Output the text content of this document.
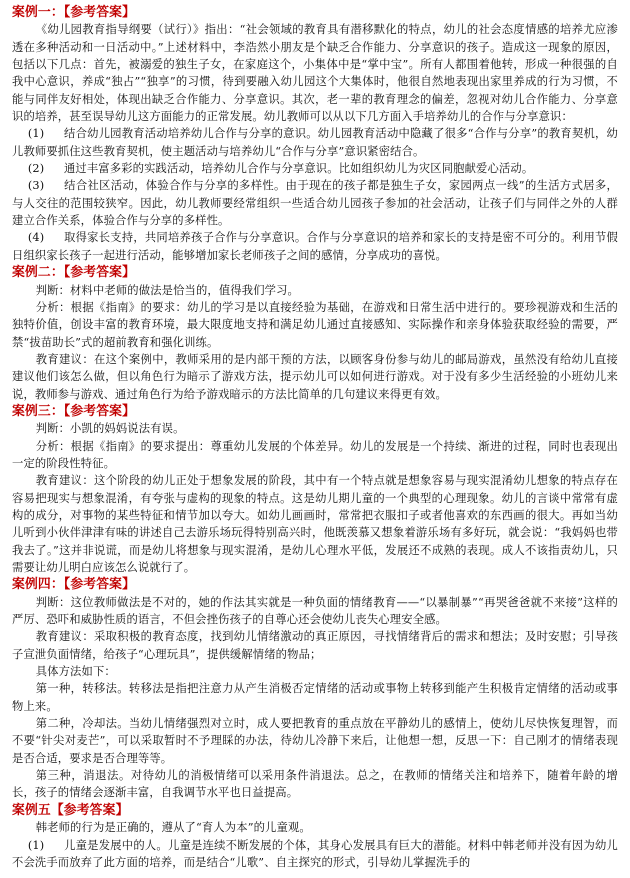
案例一：【参考答案】

《幼儿园教育指导纲要（试行）》指出：“社会领域的教育具有潜移默化的特点，幼儿的社会态度情感的培养尤应渗透在多种活动和一日活动中。”上述材料中，李浩然小朋友是个缺乏合作能力、分享意识的孩子。造成这一现象的原因，包括以下几点：首先，被溺爱的独生子女，在家庭这个，小集体中是“掌中宝”。所有人都围着他转，形成一种很强的自我中心意识，养成“独占”“独享”的习惯，待到要融入幼儿园这个大集体时，他很自然地表现出家里养成的行为习惯，不能与同伴友好相处，体现出缺乏合作能力、分享意识。其次，老一辈的教育理念的偏差，忽视对幼儿合作能力、分享意识的培养，甚至误导幼儿这方面能力的正常发展。幼儿教师可以从以下几方面入手培养幼儿的合作与分享意识：

(1) 结合幼儿园教育活动培养幼儿合作与分享的意识。幼儿园教育活动中隐藏了很多“合作与分享”的教育契机，幼儿教师要抓住这些教育契机，使主题活动与培养幼儿“合作与分享”意识紧密结合。

(2) 通过丰富多彩的实践活动，培养幼儿合作与分享意识。比如组织幼儿为灾区同胞献爱心活动。

(3) 结合社区活动，体验合作与分享的多样性。由于现在的孩子都是独生子女，家园两点一线”的生活方式居多，与人交往的范围较狭窄。因此，幼儿教师要经常组织一些适合幼儿园孩子参加的社会活动，让孩子们与同伴之外的人群建立合作关系，体验合作与分享的多样性。

(4) 取得家长支持，共同培养孩子合作与分享意识。合作与分享意识的培养和家长的支持是密不可分的。利用节假日组织家长孩子一起进行活动，能够增加家长老师孩子之间的感情，分享成功的喜悦。

案例二：【参考答案】

判断：材料中老师的做法是恰当的，值得我们学习。

分析：根据《指南》的要求：幼儿的学习是以直接经验为基础，在游戏和日常生活中进行的。要珍视游戏和生活的独特价值，创设丰富的教育环境，最大限度地支持和满足幼儿通过直接感知、实际操作和亲身体验获取经验的需要，严禁“拔苗助长”式的超前教育和强化训练。

教育建议：在这个案例中，教师采用的是内部干预的方法，以顾客身份参与幼儿的邮局游戏，虽然没有给幼儿直接建议他们该怎么做，但以角色行为暗示了游戏方法，提示幼儿可以如何进行游戏。对于没有多少生活经验的小班幼儿来说，教师参与游戏、通过角色行为给予游戏暗示的方法比简单的几句建议来得更有效。

案例三：【参考答案】

判断：小凯的妈妈说法有误。

分析：根据《指南》的要求提出：尊重幼儿发展的个体差异。幼儿的发展是一个持续、渐进的过程，同时也表现出一定的阶段性特征。

教育建议：这个阶段的幼儿正处于想象发展的阶段，其中有一个特点就是想象容易与现实混淆幼儿想象的特点存在容易把现实与想象混淆，有夸张与虚构的现象的特点。这是幼儿期儿童的一个典型的心理现象。幼儿的言谈中常常有虚构的成分，对事物的某些特征和情节加以夸大。如幼儿画画时，常常把衣服扣子或者他喜欢的东西画的很大。再如当幼儿听到小伙伴津津有味的讲述自己去游乐场玩得特别高兴时，他既羡慕又想象着游乐场有多好玩，就会说：“我妈妈也带我去了。”这并非说谎，而是幼儿将想象与现实混淆，是幼儿心理水平低，发展还不成熟的表现。成人不该指责幼儿，只需要让幼儿明白应该怎么说就行了。

案例四：【参考答案】

判断：这位教师做法是不对的，她的作法其实就是一种负面的情绪教育——“以暴制暴”“再哭爸爸就不来接”这样的严厉、恐吓和威胁性质的语言，不但会挫伤孩子的自尊心还会使幼儿丧失心理安全感。

教育建议：采取积极的教育态度，找到幼儿情绪激动的真正原因，寻找情绪背后的需求和想法；及时安慰；引导孩子宣泄负面情绪，给孩子“心理玩具”，提供缓解情绪的物品；

具体方法如下：

第一种，转移法。转移法是指把注意力从产生消极否定情绪的活动或事物上转移到能产生积极肯定情绪的活动或事物上来。

第二种，冷却法。当幼儿情绪强烈对立时，成人要把教育的重点放在平静幼儿的感情上，使幼儿尽快恢复理智，而不要“针尖对麦芒”，可以采取暂时不予理睬的办法，待幼儿冷静下来后，让他想一想，反思一下：自己刚才的情绪表现是否合适，要求是否合理等等。

第三种，消退法。对待幼儿的消极情绪可以采用条件消退法。总之，在教师的情绪关注和培养下，随着年龄的增长，孩子的情绪会逐渐丰富，自我调节水平也日益提高。

案例五【参考答案】

韩老师的行为是正确的，遵从了“育人为本”的儿童观。

(1) 儿童是发展中的人。儿童是连续不断发展的个体，其身心发展具有巨大的潜能。材料中韩老师并没有因为幼儿不会洗手而放弃了此方面的培养，而是结合“儿歌”、自主探究的形式，引导幼儿掌握洗手的
